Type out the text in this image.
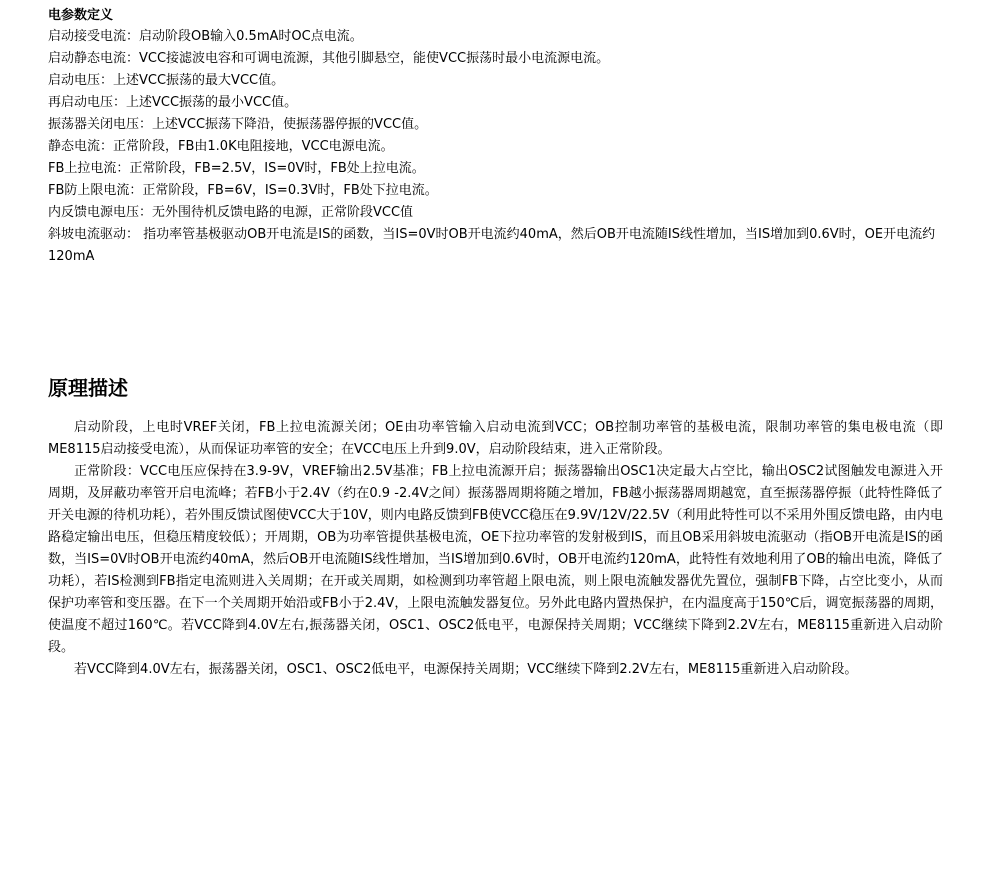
电参数定义

启动接受电流：启动阶段OB输入0.5mA时OC点电流。

启动静态电流：VCC接滤波电容和可调电流源，其他引脚悬空，能使VCC振荡时最小电流源电流。

启动电压：上述VCC振荡的最大VCC值。

再启动电压：上述VCC振荡的最小VCC值。

振荡器关闭电压：上述VCC振荡下降沿，使振荡器停振的VCC值。

静态电流：正常阶段，FB由1.0K电阻接地，VCC电源电流。

FB上拉电流：正常阶段，FB=2.5V，IS=0V时，FB处上拉电流。

FB防上限电流：正常阶段，FB=6V，IS=0.3V时，FB处下拉电流。

内反馈电源电压：无外围待机反馈电路的电源，正常阶段VCC值

斜坡电流驱动： 指功率管基极驱动OB开电流是IS的函数，当IS=0V时OB开电流约40mA，然后OB开电流随IS线性增加，当IS增加到0.6V时，OE开电流约120mA

原理描述

启动阶段，上电时VREF关闭，FB上拉电流源关闭；OE由功率管输入启动电流到VCC；OB控制功率管的基极电流，限制功率管的集电极电流（即ME8115启动接受电流），从而保证功率管的安全；在VCC电压上升到9.0V，启动阶段结束，进入正常阶段。

正常阶段：VCC电压应保持在3.9-9V，VREF输出2.5V基准；FB上拉电流源开启；振荡器输出OSC1决定最大占空比，输出OSC2试图触发电源进入开周期，及屏蔽功率管开启电流峰；若FB小于2.4V（约在0.9 -2.4V之间）振荡器周期将随之增加，FB越小振荡器周期越宽，直至振荡器停振（此特性降低了开关电源的待机功耗），若外围反馈试图使VCC大于10V，则内电路反馈到FB使VCC稳压在9.9V/12V/22.5V（利用此特性可以不采用外围反馈电路，由内电路稳定输出电压，但稳压精度较低）；开周期，OB为功率管提供基极电流，OE下拉功率管的发射极到IS，而且OB采用斜坡电流驱动（指OB开电流是IS的函数，当IS=0V时OB开电流约40mA，然后OB开电流随IS线性增加，当IS增加到0.6V时，OB开电流约120mA，此特性有效地利用了OB的输出电流，降低了功耗），若IS检测到FB指定电流则进入关周期；在开或关周期，如检测到功率管超上限电流，则上限电流触发器优先置位，强制FB下降，占空比变小，从而保护功率管和变压器。在下一个关周期开始沿或FB小于2.4V，上限电流触发器复位。另外此电路内置热保护，在内温度高于150℃后，调宽振荡器的周期，使温度不超过160℃。若VCC降到4.0V左右,振荡器关闭，OSC1、OSC2低电平，电源保持关周期；VCC继续下降到2.2V左右，ME8115重新进入启动阶段。

若VCC降到4.0V左右，振荡器关闭，OSC1、OSC2低电平，电源保持关周期；VCC继续下降到2.2V左右，ME8115重新进入启动阶段。
